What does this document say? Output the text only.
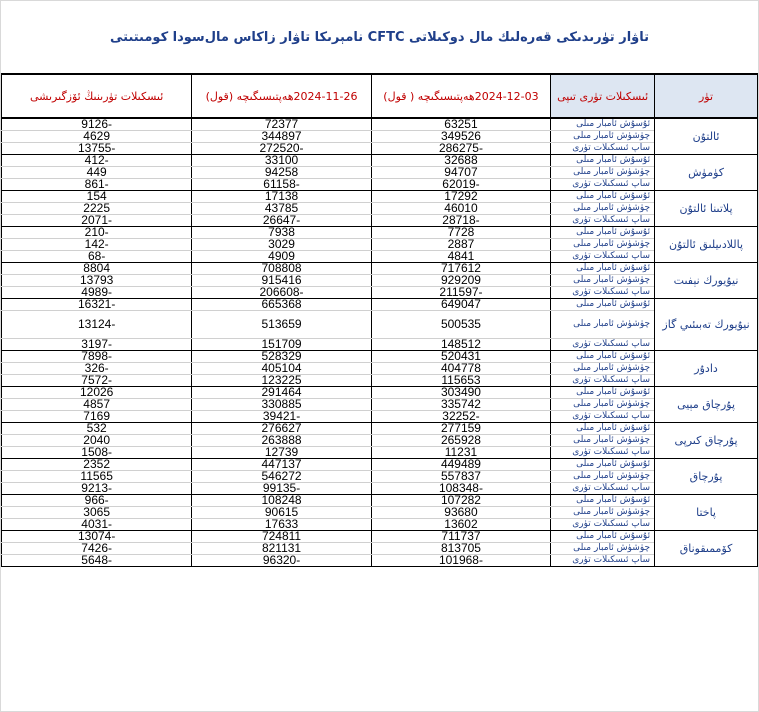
نامېرىكا تاۋار زاكاس مال‌سودا كومىتىتى CFTC تاۋار تۈرىدىكى قەرەلىك مال دوكىلاتى
تۈر	ئىسكىلات تۈرى تىپى	2024-12-03ھەپتىسىگىچە ( قول)	2024-11-26ھەپتىسىگىچە (قول)	ئىسكىلات تۈرىنىڭ ئۆزگىرىشى
ئالتۇن	ئۇسۇش ئامبار مىلى	63251	72377	-9126
	چۈشۈش ئامبار مىلى	349526	344897	4629
	ساپ ئىسكىلات تۈرى	-286275	-272520	-13755
كۈمۈش	ئۇسۇش ئامبار مىلى	32688	33100	-412
	چۈشۈش ئامبار مىلى	94707	94258	449
	ساپ ئىسكىلات تۈرى	-62019	-61158	-861
پلاتىنا ئالتۇن	ئۇسۇش ئامبار مىلى	17292	17138	154
	چۈشۈش ئامبار مىلى	46010	43785	2225
	ساپ ئىسكىلات تۈرى	-28718	-26647	-2071
پاللادىيلىق ئالتۇن	ئۇسۇش ئامبار مىلى	7728	7938	-210
	چۈشۈش ئامبار مىلى	2887	3029	-142
	ساپ ئىسكىلات تۈرى	4841	4909	-68
نيۇيورك نېفىت	ئۇسۇش ئامبار مىلى	717612	708808	8804
	چۈشۈش ئامبار مىلى	929209	915416	13793
	ساپ ئىسكىلات تۈرى	-211597	-206608	-4989
نيۇيورك تەبىئىي گاز	ئۇسۇش ئامبار مىلى	649047	665368	-16321
	چۈشۈش ئامبار مىلى	500535	513659	-13124
	ساپ ئىسكىلات تۈرى	148512	151709	-3197
دادۇر	ئۇسۇش ئامبار مىلى	520431	528329	-7898
	چۈشۈش ئامبار مىلى	404778	405104	-326
	ساپ ئىسكىلات تۈرى	115653	123225	-7572
پۇرچاق مېيى	ئۇسۇش ئامبار مىلى	303490	291464	12026
	چۈشۈش ئامبار مىلى	335742	330885	4857
	ساپ ئىسكىلات تۈرى	-32252	-39421	7169
پۇرچاق كىرپى	ئۇسۇش ئامبار مىلى	277159	276627	532
	چۈشۈش ئامبار مىلى	265928	263888	2040
	ساپ ئىسكىلات تۈرى	11231	12739	-1508
پۇرچاق	ئۇسۇش ئامبار مىلى	449489	447137	2352
	چۈشۈش ئامبار مىلى	557837	546272	11565
	ساپ ئىسكىلات تۈرى	-108348	-99135	-9213
پاختا	ئۇسۇش ئامبار مىلى	107282	108248	-966
	چۈشۈش ئامبار مىلى	93680	90615	3065
	ساپ ئىسكىلات تۈرى	13602	17633	-4031
كۆممىقوناق	ئۇسۇش ئامبار مىلى	711737	724811	-13074
	چۈشۈش ئامبار مىلى	813705	821131	-7426
	ساپ ئىسكىلات تۈرى	-101968	-96320	-5648
